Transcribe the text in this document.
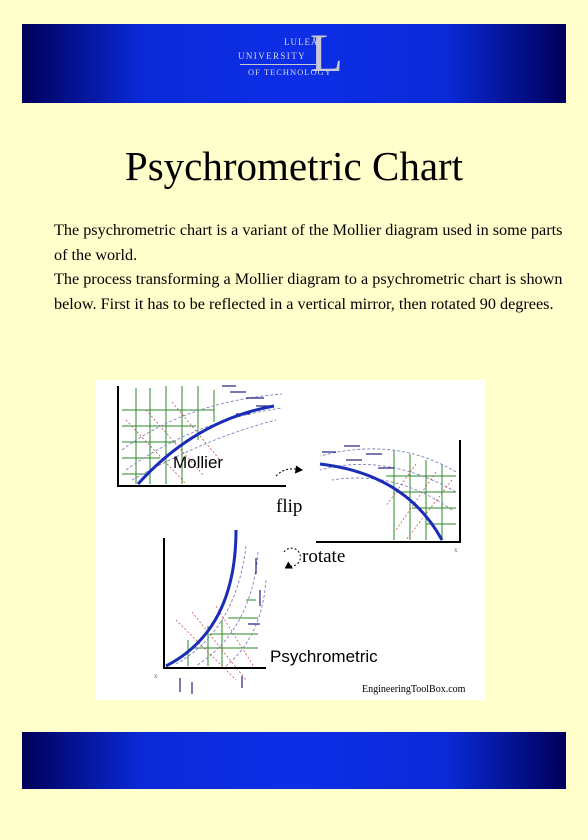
LULEÅ
UNIVERSITY
OF TECHNOLOGY
L
Psychrometric Chart
The psychrometric chart is a variant of the Mollier diagram used in some parts of the world.
The process transforming a Mollier diagram to a psychrometric chart is shown below. First it has to be reflected in a vertical mirror, then rotated 90 degrees.
Mollier
flip
x
rotate
Psychrometric
x
EngineeringToolBox.com
